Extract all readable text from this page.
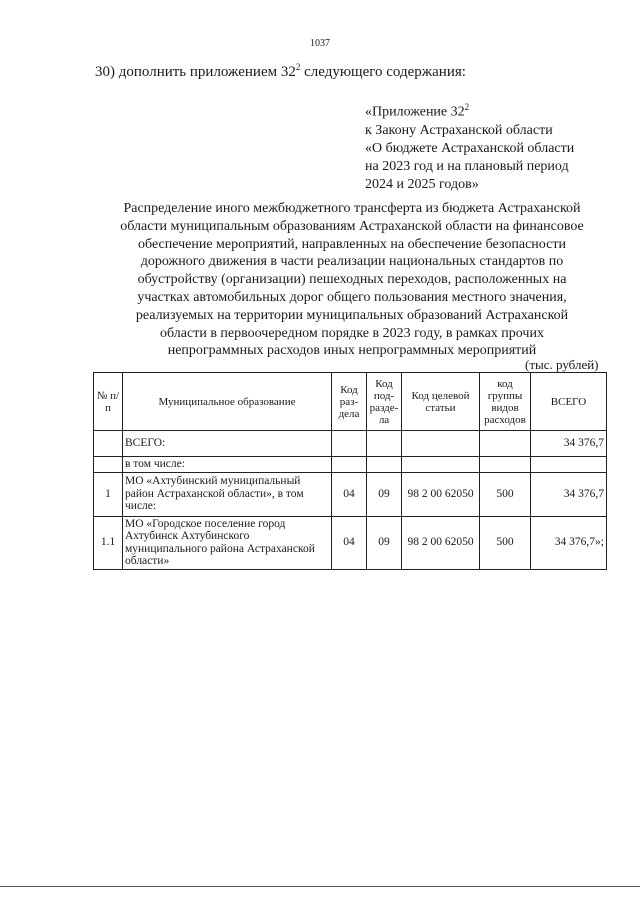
1037
30) дополнить приложением $32^2$ следующего содержания:
«Приложение $32^2$
к Закону Астраханской области
«О бюджете Астраханской области
на 2023 год и на плановый период
2024 и 2025 годов»
Распределение иного межбюджетного трансферта из бюджета Астраханской
области муниципальным образованиям Астраханской области на финансовое
обеспечение мероприятий, направленных на обеспечение безопасности
дорожного движения в части реализации национальных стандартов по
обустройству (организации) пешеходных переходов, расположенных на
участках автомобильных дорог общего пользования местного значения,
реализуемых на территории муниципальных образований Астраханской
области в первоочередном порядке в 2023 году, в рамках прочих
непрограммных расходов иных непрограммных мероприятий
(тыс. рублей)
№ п/п	Муниципальное образование	Код раз-дела	Код под-разде-ла	Код целевой статьи	код группы видов расходов	ВСЕГО
	ВСЕГО:					34 376,7
	в том числе:					
1	МО «Ахтубинский муниципальный район Астраханской области», в том числе:	04	09	98 2 00 62050	500	34 376,7
1.1	МО «Городское поселение город Ахтубинск Ахтубинского муниципального района Астраханской области»	04	09	98 2 00 62050	500	34 376,7»;
